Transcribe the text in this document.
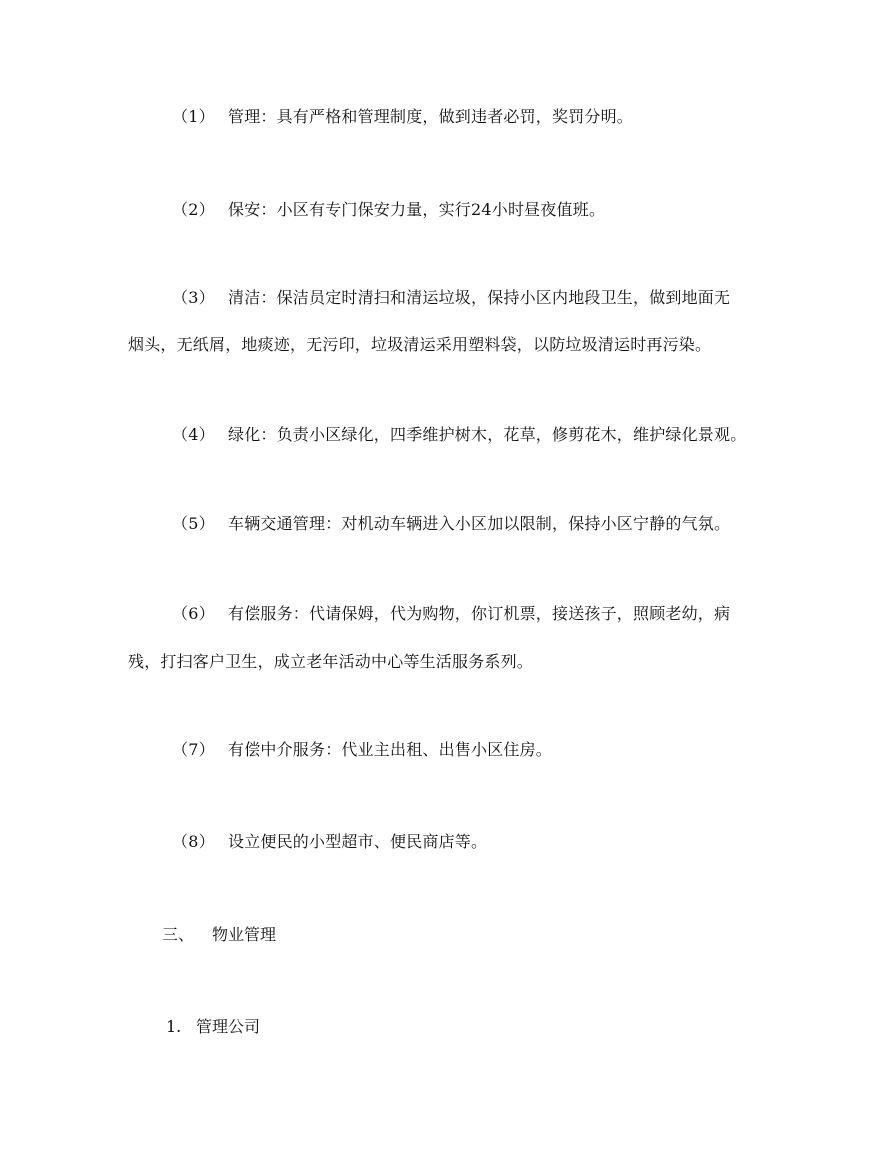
（1） 管理：具有严格和管理制度，做到违者必罚，奖罚分明。
（2） 保安：小区有专门保安力量，实行24小时昼夜值班。
（3） 清洁：保洁员定时清扫和清运垃圾，保持小区内地段卫生，做到地面无
烟头，无纸屑，地痰迹，无污印，垃圾清运采用塑料袋，以防垃圾清运时再污染。
（4） 绿化：负责小区绿化，四季维护树木，花草，修剪花木，维护绿化景观。
（5） 车辆交通管理：对机动车辆进入小区加以限制，保持小区宁静的气氛。
（6） 有偿服务：代请保姆，代为购物，你订机票，接送孩子，照顾老幼，病
残，打扫客户卫生，成立老年活动中心等生活服务系列。
（7） 有偿中介服务：代业主出租、出售小区住房。
（8） 设立便民的小型超市、便民商店等。
三、 物业管理
1. 管理公司
